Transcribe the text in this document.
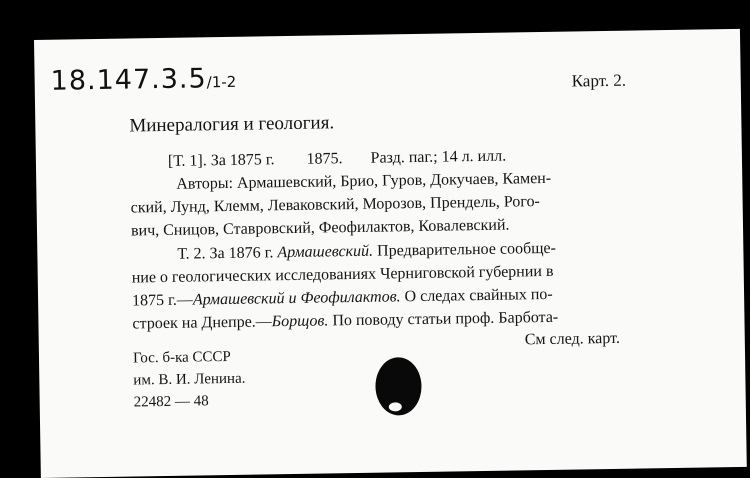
18.147.3.5/1-2	Карт. 2.
Минералогия и геология.
[Т. 1]. За 1875 г.        1875.       Разд. паг.; 14 л. илл.
Авторы: Армашевский, Брио, Гуров, Докучаев, Камен-
ский, Лунд, Клемм, Леваковский, Морозов, Прендель, Рого-
вич, Сницов, Ставровский, Феофилактов, Ковалевский.
Т. 2. За 1876 г. Армашевский. Предварительное сообще-
ние о геологических исследованиях Черниговской губернии в
1875 г.—Армашевский и Феофилактов. О следах свайных по-
строек на Днепре.—Борщов. По поводу статьи проф. Барбота-
См след. карт.
Гос. б-ка СССР
им. В. И. Ленина.
22482 — 48
